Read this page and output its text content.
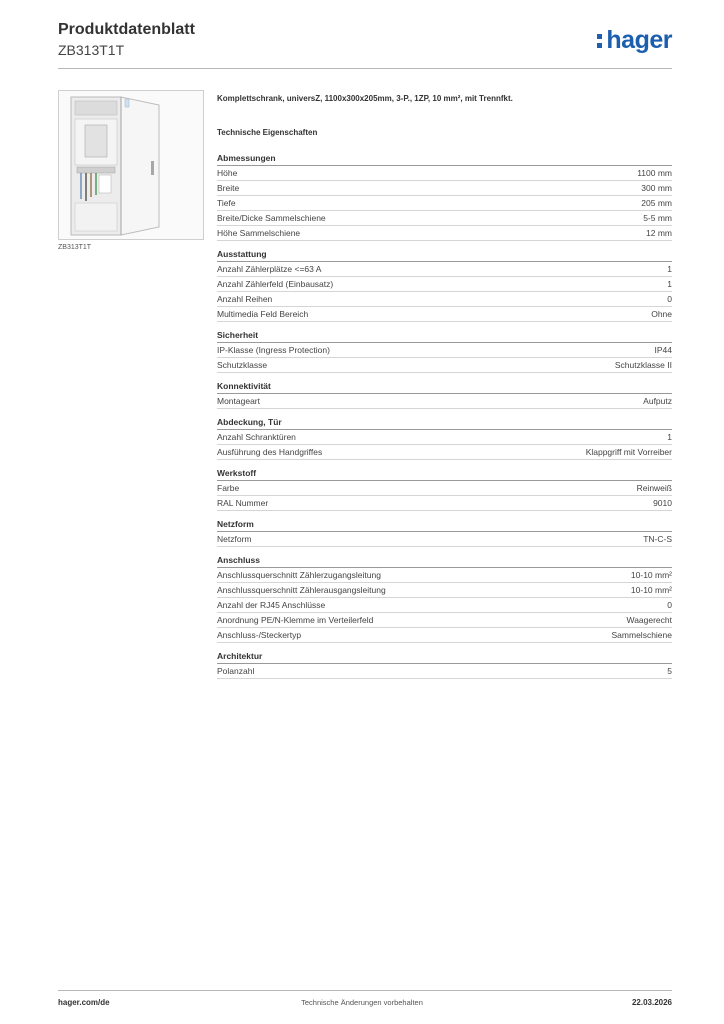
Produktdatenblatt
ZB313T1T	hager
ZB313T1T
Komplettschrank, universZ, 1100x300x205mm, 3-P., 1ZP, 10 mm², mit Trennfkt.
Technische Eigenschaften
Abmessungen
Höhe	1100 mm
Breite	300 mm
Tiefe	205 mm
Breite/Dicke Sammelschiene	5-5 mm
Höhe Sammelschiene	12 mm
Ausstattung
Anzahl Zählerplätze <=63 A	1
Anzahl Zählerfeld (Einbausatz)	1
Anzahl Reihen	0
Multimedia Feld Bereich	Ohne
Sicherheit
IP-Klasse (Ingress Protection)	IP44
Schutzklasse	Schutzklasse II
Konnektivität
Montageart	Aufputz
Abdeckung, Tür
Anzahl Schranktüren	1
Ausführung des Handgriffes	Klappgriff mit Vorreiber
Werkstoff
Farbe	Reinweiß
RAL Nummer	9010
Netzform
Netzform	TN-C-S
Anschluss
Anschlussquerschnitt Zählerzugangsleitung	10-10 mm²
Anschlussquerschnitt Zählerausgangsleitung	10-10 mm²
Anzahl der RJ45 Anschlüsse	0
Anordnung PE/N-Klemme im Verteilerfeld	Waagerecht
Anschluss-/Steckertyp	Sammelschiene
Architektur
Polanzahl	5
hager.com/de	Technische Änderungen vorbehalten	22.03.2026
